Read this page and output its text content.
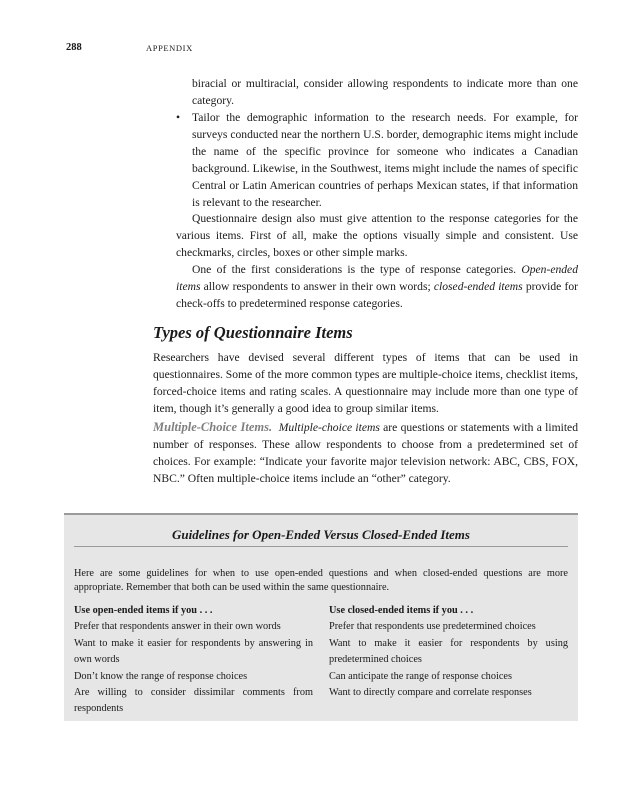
288	APPENDIX

biracial or multiracial, consider allowing respondents to indicate more than one category.

• Tailor the demographic information to the research needs. For example, for surveys conducted near the northern U.S. border, demographic items might include the name of the specific province for someone who indicates a Canadian background. Likewise, in the Southwest, items might include the names of specific Central or Latin American countries of perhaps Mexican states, if that information is relevant to the researcher.

Questionnaire design also must give attention to the response categories for the various items. First of all, make the options visually simple and consistent. Use checkmarks, circles, boxes or other simple marks.

One of the first considerations is the type of response categories. Open-ended items allow respondents to answer in their own words; closed-ended items provide for check-offs to predetermined response categories.

Types of Questionnaire Items

Researchers have devised several different types of items that can be used in questionnaires. Some of the more common types are multiple-choice items, checklist items, forced-choice items and rating scales. A questionnaire may include more than one type of item, though it’s generally a good idea to group similar items.

Multiple-Choice Items. Multiple-choice items are questions or statements with a limited number of responses. These allow respondents to choose from a predetermined set of choices. For example: “Indicate your favorite major television network: ABC, CBS, FOX, NBC.” Often multiple-choice items include an “other” category.

Guidelines for Open-Ended Versus Closed-Ended Items

Here are some guidelines for when to use open-ended questions and when closed-ended questions are more appropriate. Remember that both can be used within the same questionnaire.

Use open-ended items if you . . .
Prefer that respondents answer in their own words
Want to make it easier for respondents by answering in own words
Don’t know the range of response choices
Are willing to consider dissimilar comments from respondents
Use closed-ended items if you . . .
Prefer that respondents use predetermined choices
Want to make it easier for respondents by using predetermined choices
Can anticipate the range of response choices
Want to directly compare and correlate responses
